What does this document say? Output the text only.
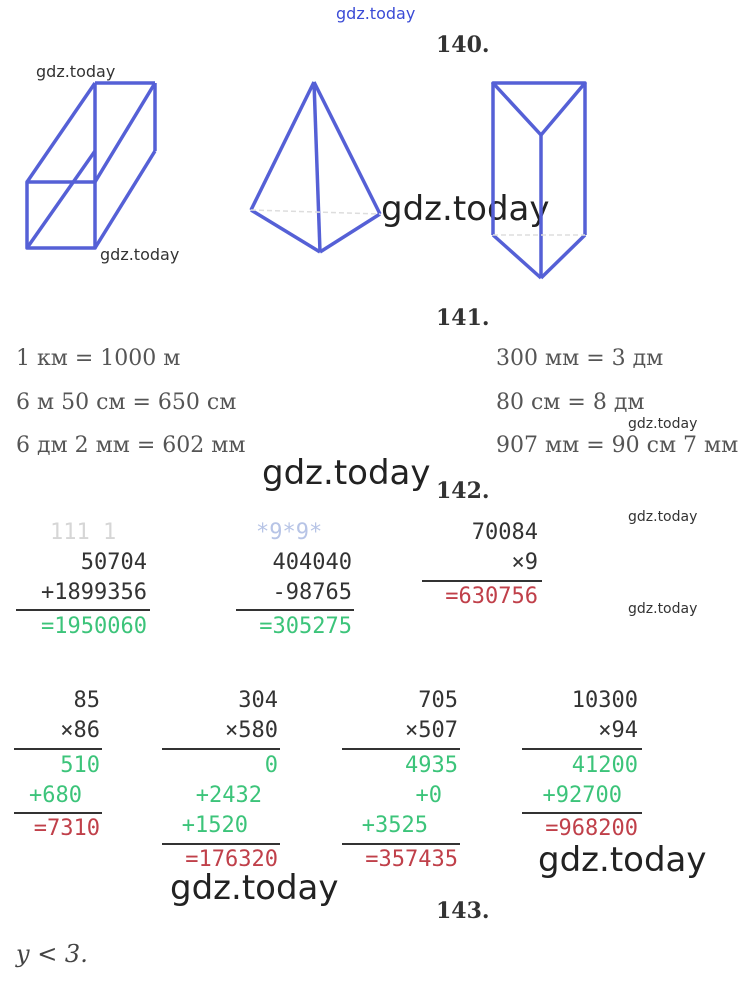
gdz.today
gdz.today
gdz.today
gdz.today
gdz.today
gdz.today
gdz.today
gdz.today
gdz.today
gdz.today
140.
141.
142.
143.
1 км = 1000 м
6 м 50 см = 650 см
6 дм 2 мм = 602 мм
300 мм = 3 дм
80 см = 8 дм
907 мм = 90 см 7 мм
111 1
50704
+1899356
=1950060
*9*9*
404040
-98765
=305275
70084
×9
=630756
85
×86
510
+680
=7310
304
×580
0
+2432
+1520
=176320
705
×507
4935
+0
+3525
=357435
10300
×94
41200
+92700
=968200
y < 3.
